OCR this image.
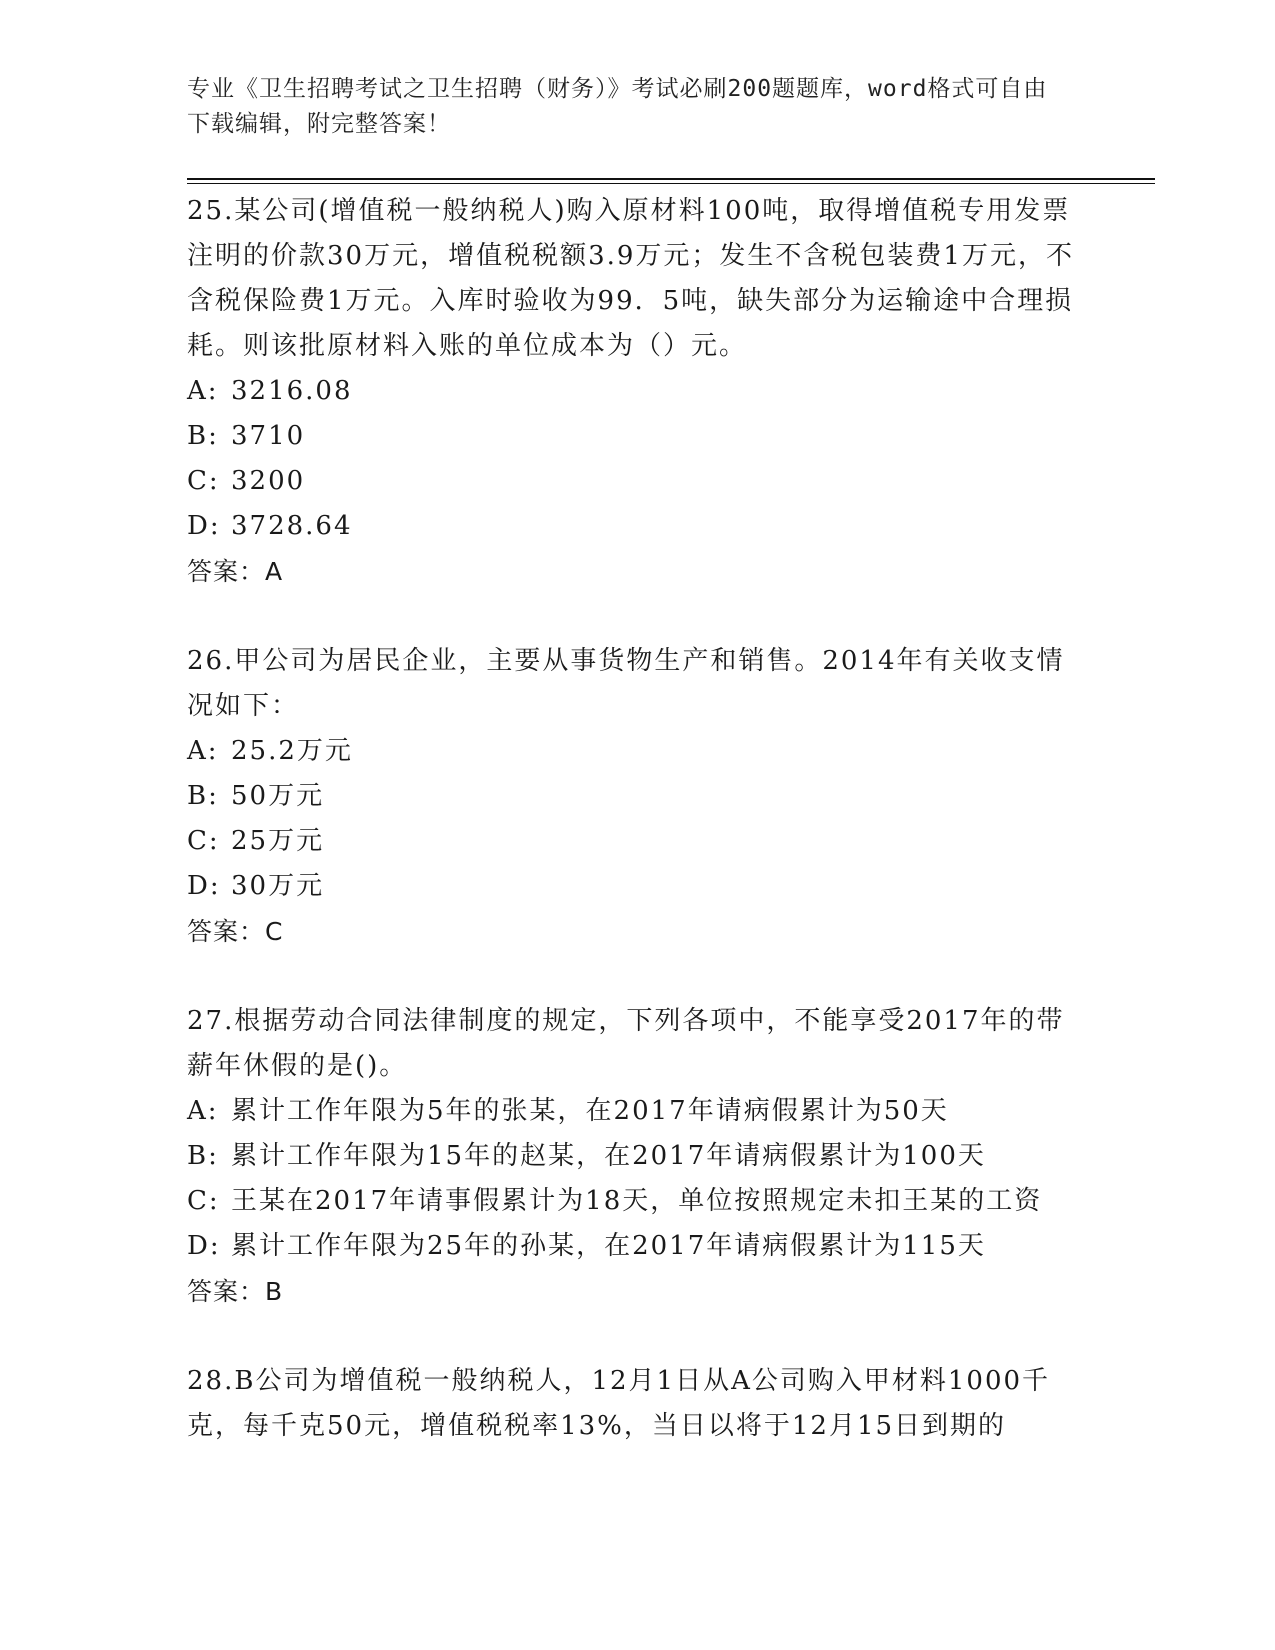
专业《卫生招聘考试之卫生招聘（财务）》考试必刷200题题库，word格式可自由下载编辑，附完整答案！

25.某公司(增值税一般纳税人)购入原材料100吨，取得增值税专用发票注明的价款30万元，增值税税额3.9万元；发生不含税包装费1万元，不含税保险费1万元。入库时验收为99．5吨，缺失部分为运输途中合理损耗。则该批原材料入账的单位成本为（）元。

A: 3216.08

B: 3710

C: 3200

D: 3728.64

答案：A

26.甲公司为居民企业，主要从事货物生产和销售。2014年有关收支情况如下：

A: 25.2万元

B: 50万元

C: 25万元

D: 30万元

答案：C

27.根据劳动合同法律制度的规定，下列各项中，不能享受2017年的带薪年休假的是()。

A: 累计工作年限为5年的张某，在2017年请病假累计为50天

B: 累计工作年限为15年的赵某，在2017年请病假累计为100天

C: 王某在2017年请事假累计为18天，单位按照规定未扣王某的工资

D: 累计工作年限为25年的孙某，在2017年请病假累计为115天

答案：B

28.B公司为增值税一般纳税人，12月1日从A公司购入甲材料1000千克，每千克50元，增值税税率13%，当日以将于12月15日到期的
